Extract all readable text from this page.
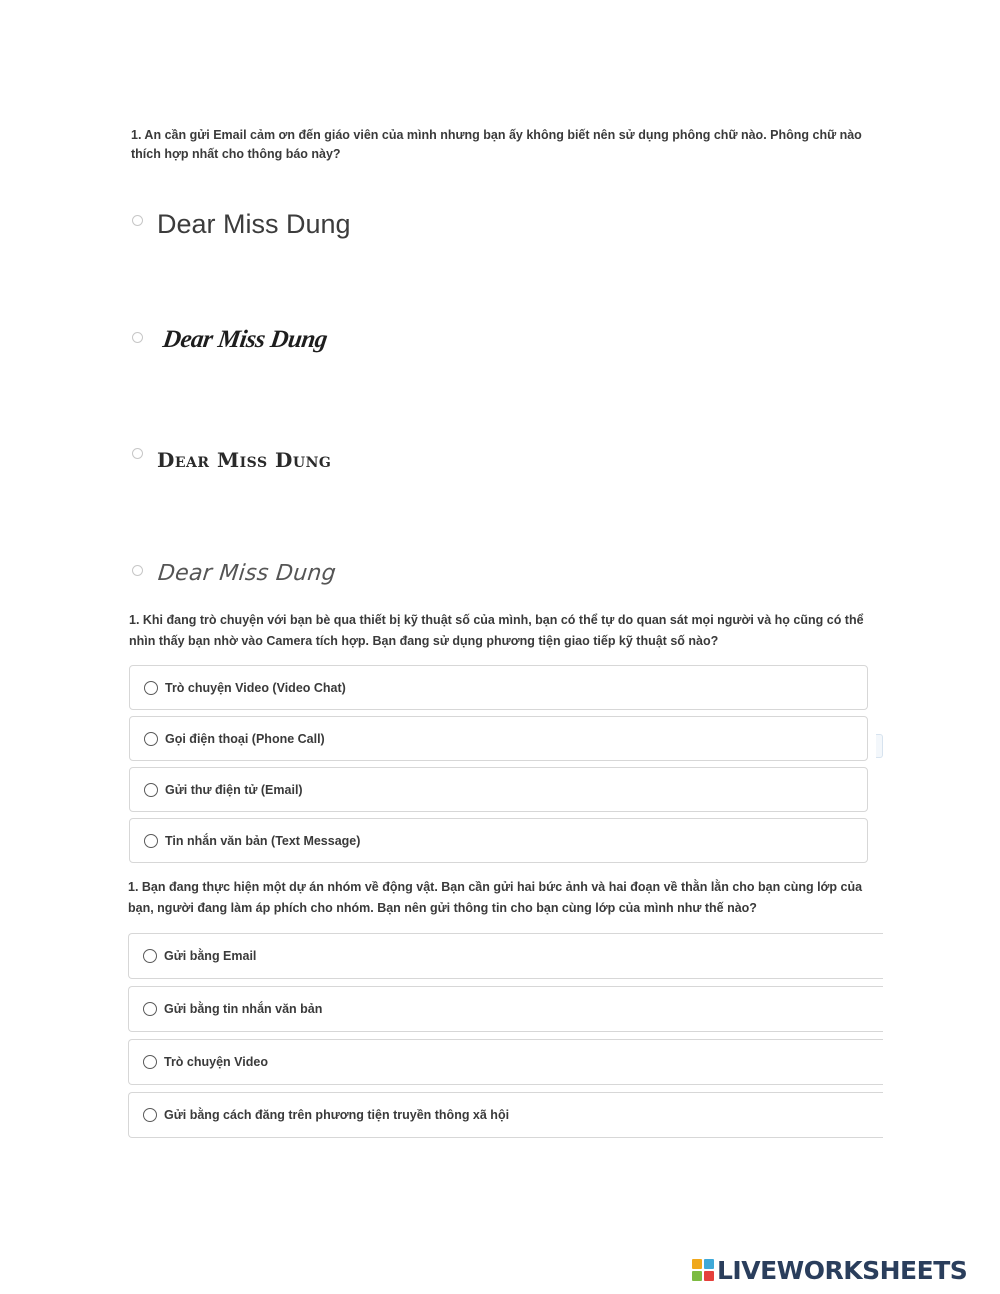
1. An cần gửi Email cảm ơn đến giáo viên của mình nhưng bạn ấy không biết nên sử dụng phông chữ nào. Phông chữ nào thích hợp nhất cho thông báo này?
Dear Miss Dung
Dear Miss Dung
Dear Miss Dung
Dear Miss Dung
1. Khi đang trò chuyện với bạn bè qua thiết bị kỹ thuật số của mình, bạn có thể tự do quan sát mọi người và họ cũng có thể nhìn thấy bạn nhờ vào Camera tích hợp. Bạn đang sử dụng phương tiện giao tiếp kỹ thuật số nào?
Trò chuyện Video (Video Chat)
Gọi điện thoại (Phone Call)
Gửi thư điện tử (Email)
Tin nhắn văn bản (Text Message)
1. Bạn đang thực hiện một dự án nhóm về động vật. Bạn cần gửi hai bức ảnh và hai đoạn về thằn lằn cho bạn cùng lớp của bạn, người đang làm áp phích cho nhóm. Bạn nên gửi thông tin cho bạn cùng lớp của mình như thế nào?
Gửi bằng Email
Gửi bằng tin nhắn văn bản
Trò chuyện Video
Gửi bằng cách đăng trên phương tiện truyền thông xã hội
LIVEWORKSHEETS
